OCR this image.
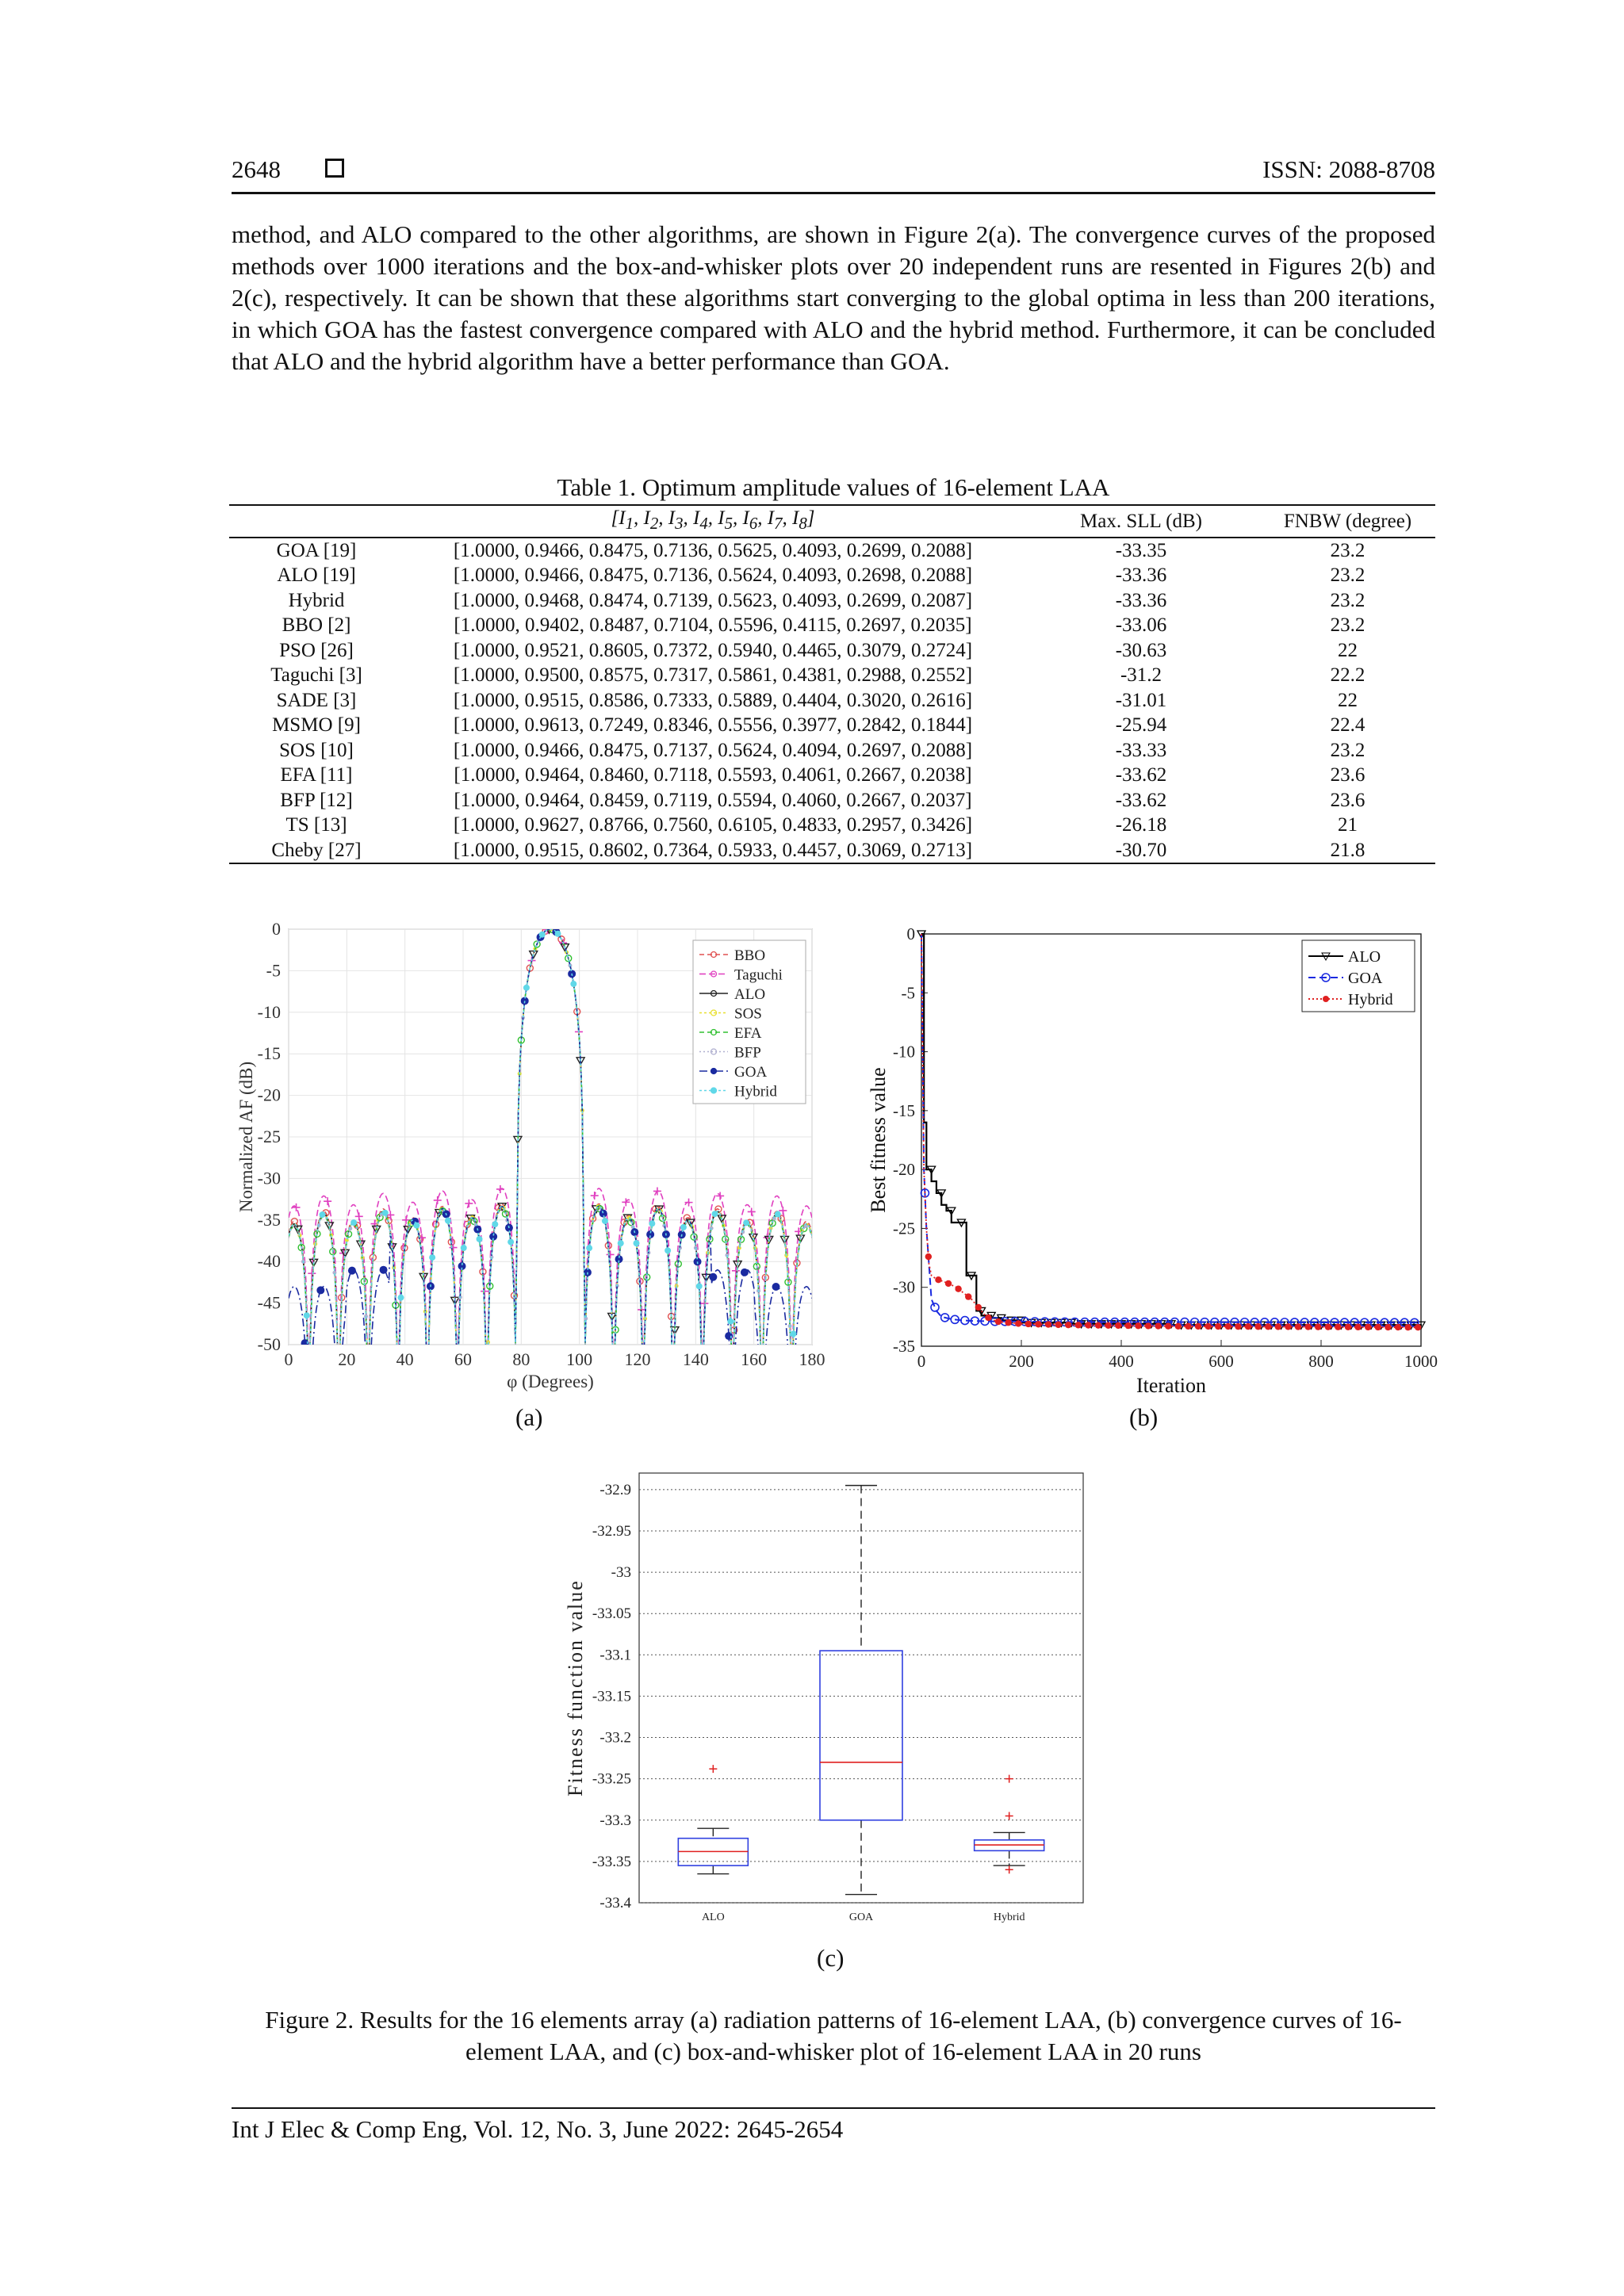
2648	ISSN: 2088-8708

method, and ALO compared to the other algorithms, are shown in Figure 2(a). The convergence curves of the proposed methods over 1000 iterations and the box-and-whisker plots over 20 independent runs are resented in Figures 2(b) and 2(c), respectively. It can be shown that these algorithms start converging to the global optima in less than 200 iterations, in which GOA has the fastest convergence compared with ALO and the hybrid method. Furthermore, it can be concluded that ALO and the hybrid algorithm have a better performance than GOA.

Table 1. Optimum amplitude values of 16-element LAA
	[$I_1$, $I_2$, $I_3$, $I_4$, $I_5$, $I_6$, $I_7$, $I_8$]	Max. SLL (dB)	FNBW (degree)
GOA [19]	[1.0000, 0.9466, 0.8475, 0.7136, 0.5625, 0.4093, 0.2699, 0.2088]	-33.35	23.2
ALO [19]	[1.0000, 0.9466, 0.8475, 0.7136, 0.5624, 0.4093, 0.2698, 0.2088]	-33.36	23.2
Hybrid	[1.0000, 0.9468, 0.8474, 0.7139, 0.5623, 0.4093, 0.2699, 0.2087]	-33.36	23.2
BBO [2]	[1.0000, 0.9402, 0.8487, 0.7104, 0.5596, 0.4115, 0.2697, 0.2035]	-33.06	23.2
PSO [26]	[1.0000, 0.9521, 0.8605, 0.7372, 0.5940, 0.4465, 0.3079, 0.2724]	-30.63	22
Taguchi [3]	[1.0000, 0.9500, 0.8575, 0.7317, 0.5861, 0.4381, 0.2988, 0.2552]	-31.2	22.2
SADE [3]	[1.0000, 0.9515, 0.8586, 0.7333, 0.5889, 0.4404, 0.3020, 0.2616]	-31.01	22
MSMO [9]	[1.0000, 0.9613, 0.7249, 0.8346, 0.5556, 0.3977, 0.2842, 0.1844]	-25.94	22.4
SOS [10]	[1.0000, 0.9466, 0.8475, 0.7137, 0.5624, 0.4094, 0.2697, 0.2088]	-33.33	23.2
EFA [11]	[1.0000, 0.9464, 0.8460, 0.7118, 0.5593, 0.4061, 0.2667, 0.2038]	-33.62	23.6
BFP [12]	[1.0000, 0.9464, 0.8459, 0.7119, 0.5594, 0.4060, 0.2667, 0.2037]	-33.62	23.6
TS [13]	[1.0000, 0.9627, 0.8766, 0.7560, 0.6105, 0.4833, 0.2957, 0.3426]	-26.18	21
Cheby [27]	[1.0000, 0.9515, 0.8602, 0.7364, 0.5933, 0.4457, 0.3069, 0.2713]	-30.70	21.8
0	20 40 60 80 100 120 140 160 180
0
-5
-10
-15
-20
-25
-30
-35
-40
-45
-50
φ (Degrees)
Normalized AF (dB)
BBO
Taguchi
ALO
SOS
EFA
BFP
GOA
Hybrid
(a)
0	200	400	600	800	1000
0
-5
-10
-15
-20
-25
-30
-35
Iteration
Best fitness value
ALO
GOA
Hybrid
(b)
-32.9
-32.95
-33
-33.05
-33.1
-33.15
-33.2
-33.25
-33.3
-33.35
-33.4
Fitness function value
ALO	GOA	Hybrid
(c)
Figure 2. Results for the 16 elements array (a) radiation patterns of 16-element LAA, (b) convergence curves of 16-element LAA, and (c) box-and-whisker plot of 16-element LAA in 20 runs
Int J Elec & Comp Eng, Vol. 12, No. 3, June 2022: 2645-2654
